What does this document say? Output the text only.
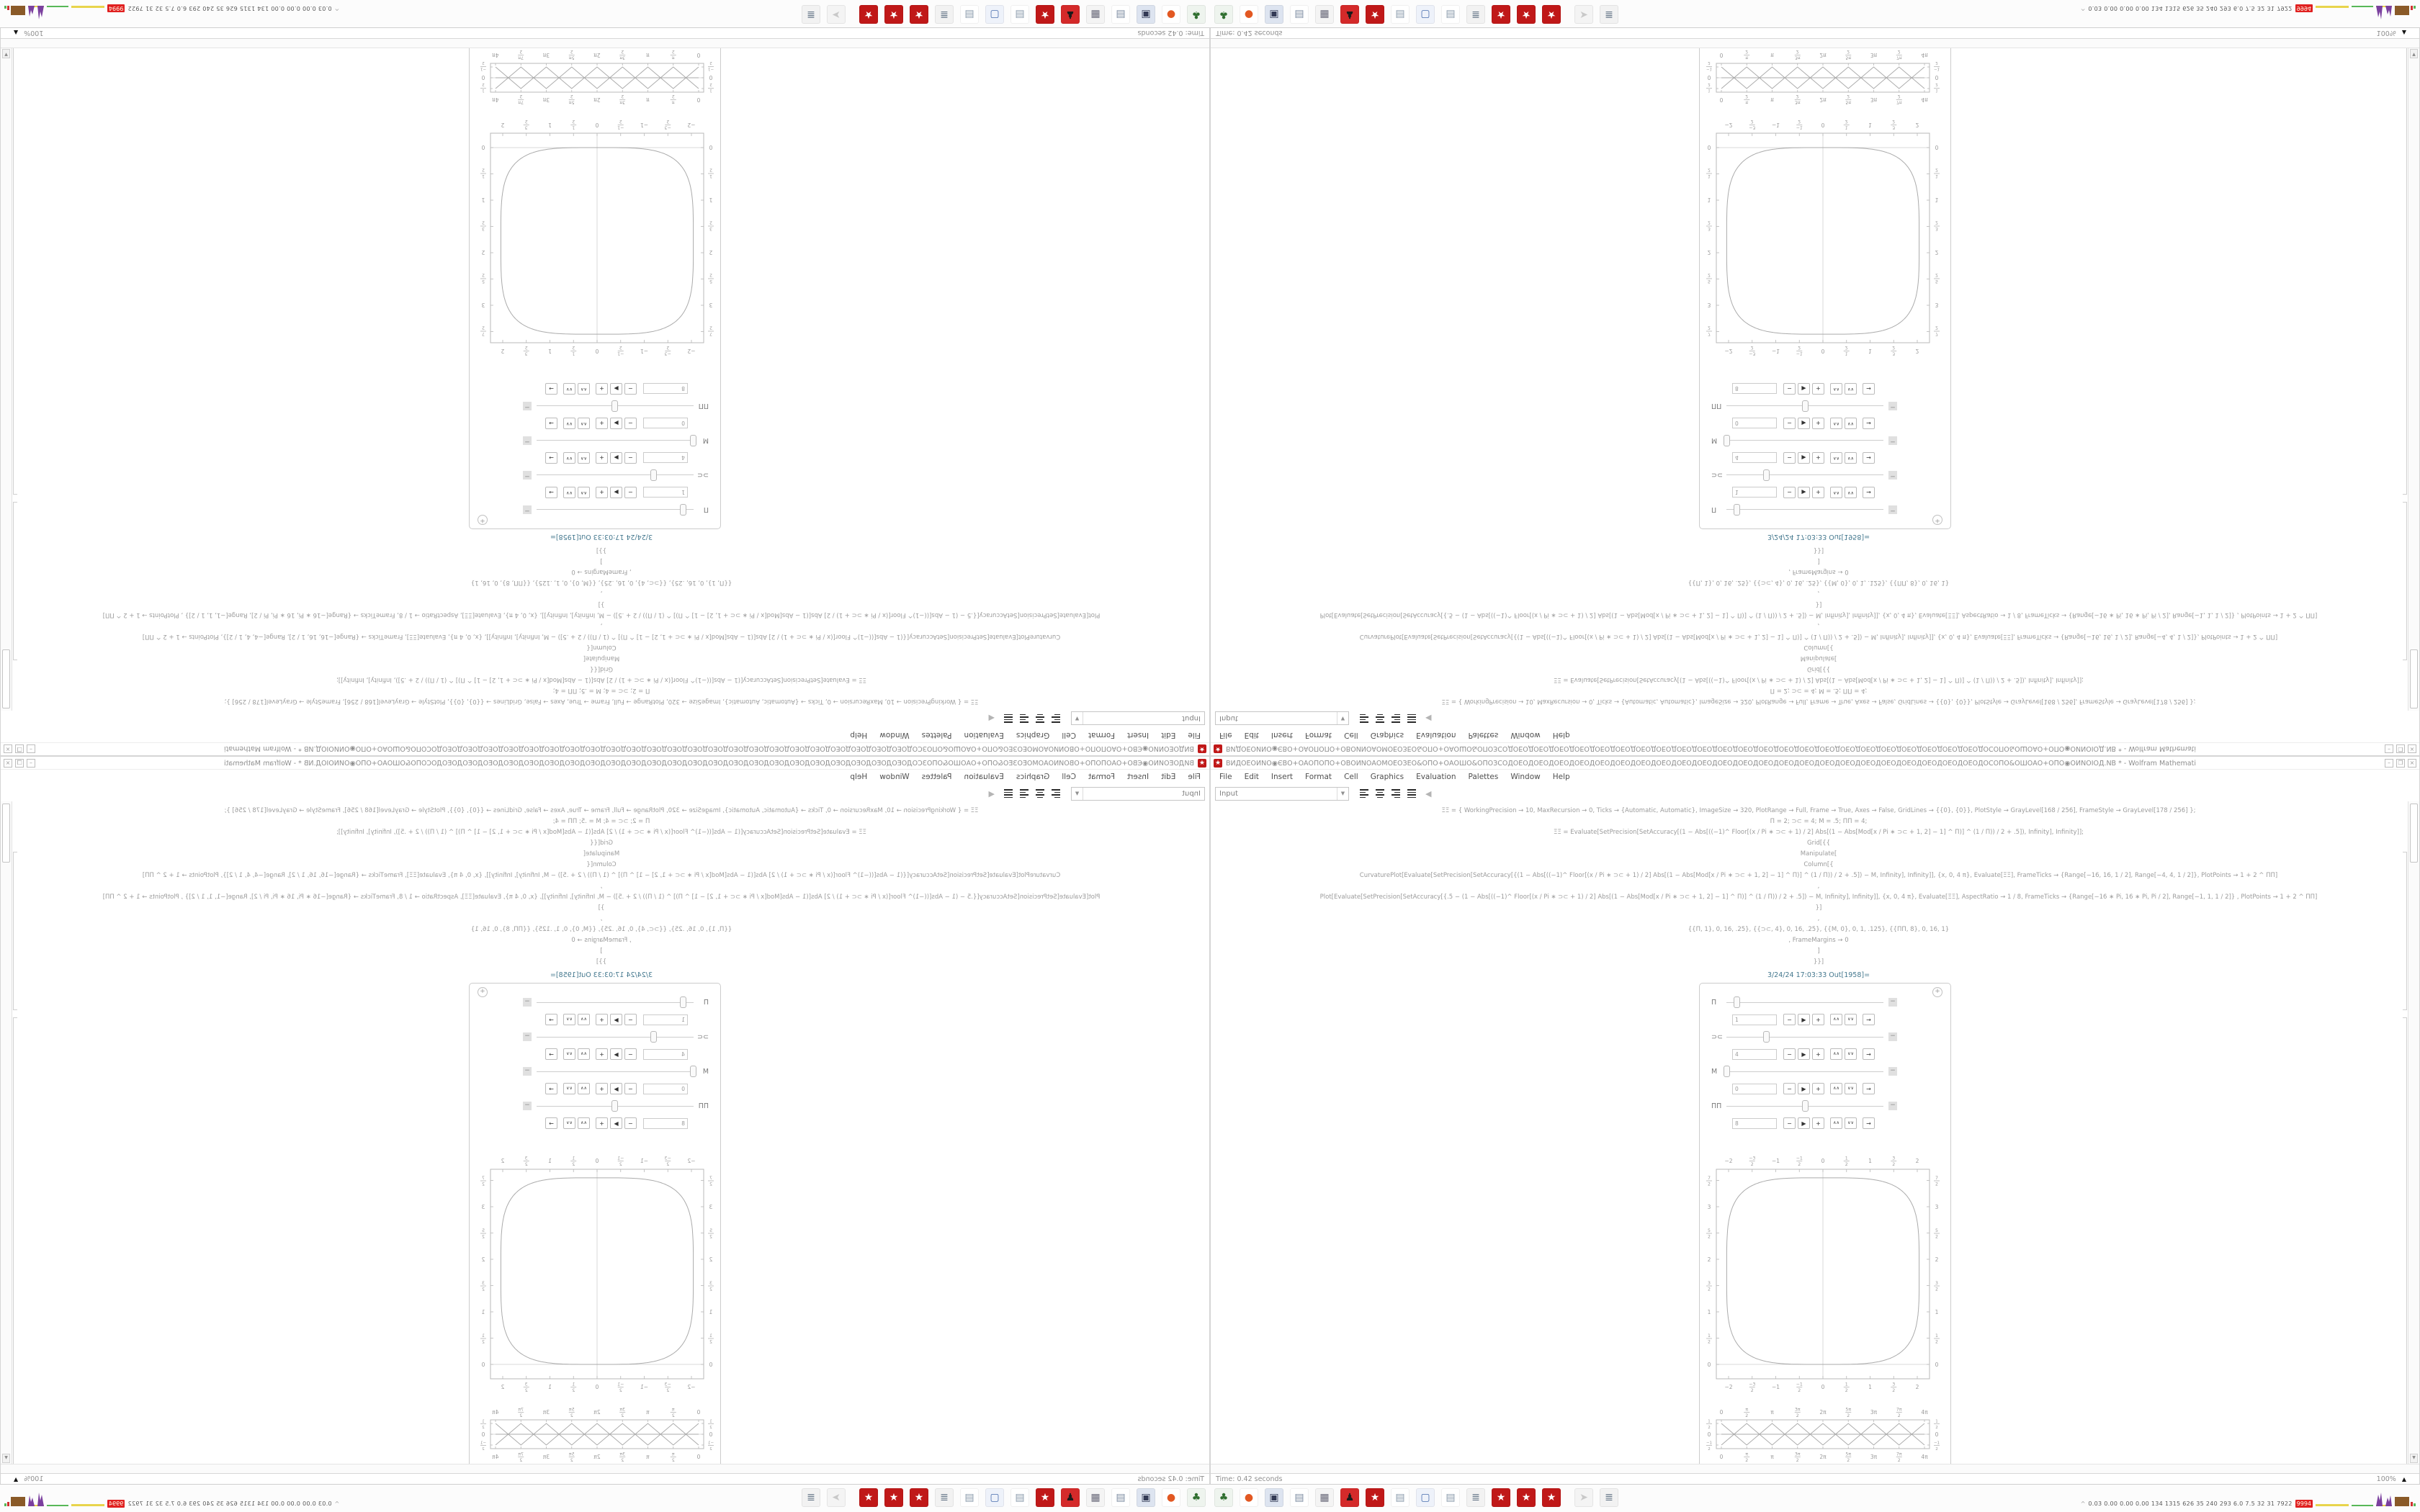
★ ВИДОЕОИNО◉ЄВО+ОАОПОПО+ОВОИNОАОМОЕОЗЕО&ОПО+ОАОШО&ОПОЗСОДОЕОДОЕОДОЕОДОЕОДОЕОДОЕОДОЕОДОЕОДОЕОДОЕОДОЕОДОЕОДОЕОДОЕОДОЕОДОЕОДОЕОДОЕОДОЕОДОЕОДОЕОДОЕОДОЕОДОСОПО&ОШОАО+ОПО◉ОИNОΙОД.NB * - Wolfram Mathemati	–	❐	×
File Edit Insert Format Cell Graphics Evaluation Palettes Window Help
Input	▼	◀
ΞΞ = { WorkingPrecision → 10, MaxRecursion → 0, Ticks → {Automatic, Automatic}, ImageSize → 320, PlotRange → Full, Frame → True, Axes → False, GridLines → {{0}, {0}}, PlotStyle → GrayLevel[168 / 256], FrameStyle → GrayLevel[178 / 256] };
Π = 2; ⊃⊂ = 4; M = .5; ΠΠ = 4;
ΞΞ = Evaluate[SetPrecision[SetAccuracy[(1 − Abs[((−1)^ Floor[(x / Pi ∗ ⊃⊂ + 1) / 2] Abs[(1 − Abs[Mod[x / Pi ∗ ⊃⊂ + 1, 2] − 1] ^ Π)] ^ (1 / Π)) / 2 + .5]), Infinity], Infinity]];
Grid[{{
Manipulate[
Column[{
CurvaturePlot[Evaluate[SetPrecision[SetAccuracy[{(1 − Abs[((−1)^ Floor[(x / Pi ∗ ⊃⊂ + 1) / 2] Abs[(1 − Abs[Mod[x / Pi ∗ ⊃⊂ + 1, 2] − 1] ^ Π)] ^ (1 / Π)) / 2 + .5]) − M, Infinity], Infinity]], {x, 0, 4 π}, Evaluate[ΞΞ], FrameTicks → {Range[−16, 16, 1 / 2], Range[−4, 4, 1 / 2]}, PlotPoints → 1 + 2 ^ ΠΠ]
,
Plot[Evaluate[SetPrecision[SetAccuracy[{.5 − (1 − Abs[((−1)^ Floor[(x / Pi ∗ ⊃⊂ + 1) / 2] Abs[(1 − Abs[Mod[x / Pi ∗ ⊃⊂ + 1, 2] − 1] ^ Π)] ^ (1 / Π)) / 2 + .5]) − M, Infinity], Infinity]], {x, 0, 4 π}, Evaluate[ΞΞ], AspectRatio → 1 / 8, FrameTicks → {Range[−16 ∗ Pi, 16 ∗ Pi, Pi / 2], Range[−1, 1, 1 / 2]} , PlotPoints → 1 + 2 ^ ΠΠ]
}]
,
{{Π, 1}, 0, 16, .25}, {{⊃⊂, 4}, 0, 16, .25}, {{M, 0}, 0, 1, .125}, {{ΠΠ, 8}, 0, 16, 1}
, FrameMargins → 0
]
}}]
3/24/24 17:03:33 Out[1958]=
+
Π	−
1	−	▶	+	∧ ∧ ∨ ∨	→
⊃⊂	−
4	−	▶	+	∧ ∧ ∨ ∨	→
M	−
0	−	▶	+	∧ ∧ ∨ ∨	→
ΠΠ	−
8	−	▶	+	∧ ∧ ∨ ∨	→
−2
−2
−3
2
−3
2
−1
−1
−1
2
−1
2
0
0
1
2
1
2
1
1
3
2
3
2
2
2
0	0
1
2
1
2
1	1
3
2
3
2
2	2
5
2
5
2
3	3
7
2
7
2
0
0
π
2
π
2
π
π
3π
2
3π
2
2π
2π
5π
2
5π
2
3π
3π
7π
2
7π
2
4π
4π
−1
2
−1
2
0	0
1
2
1
2
▼
Time: 0.42 seconds	100% ▲
♣	●	▣	▤	▦	♟	★	▤	▢	▤	≣	★	★	★	➤	≣
^ 0.03 0.00 0.00 0.00 134 1315 626 35 240 293 6.0 7.5 32 31 7922 9994
★
ВИДОЕОИNО◉ЄВО+ОАОПОПО+ОВОИNОАОМОЕОЗЕО&ОПО+ОАОШО&ОПОЗСОДОЕОДОЕОДОЕОДОЕОДОЕОДОЕОДОЕОДОЕОДОЕОДОЕОДОЕОДОЕОДОЕОДОЕОДОЕОДОЕОДОЕОДОЕОДОЕОДОЕОДОЕОДОЕОДОЕОДОСОПО&ОШОАО+ОПО◉ОИNОΙОД.NB * - Wolfram Mathemati
–
❐
×
File
Edit
Insert
Format
Cell
Graphics
Evaluation
Palettes
Window
Help
Input
▼
◀
ΞΞ = { WorkingPrecision → 10, MaxRecursion → 0, Ticks → {Automatic, Automatic}, ImageSize → 320, PlotRange → Full, Frame → True, Axes → False, GridLines → {{0}, {0}}, PlotStyle → GrayLevel[168 / 256], FrameStyle → GrayLevel[178 / 256] };
Π = 2; ⊃⊂ = 4; M = .5; ΠΠ = 4;
ΞΞ = Evaluate[SetPrecision[SetAccuracy[(1 − Abs[((−1)^ Floor[(x / Pi ∗ ⊃⊂ + 1) / 2] Abs[(1 − Abs[Mod[x / Pi ∗ ⊃⊂ + 1, 2] − 1] ^ Π)] ^ (1 / Π)) / 2 + .5]), Infinity], Infinity]];
Grid[{{
Manipulate[
Column[{
CurvaturePlot[Evaluate[SetPrecision[SetAccuracy[{(1 − Abs[((−1)^ Floor[(x / Pi ∗ ⊃⊂ + 1) / 2] Abs[(1 − Abs[Mod[x / Pi ∗ ⊃⊂ + 1, 2] − 1] ^ Π)] ^ (1 / Π)) / 2 + .5]) − M, Infinity], Infinity]], {x, 0, 4 π}, Evaluate[ΞΞ], FrameTicks → {Range[−16, 16, 1 / 2], Range[−4, 4, 1 / 2]}, PlotPoints → 1 + 2 ^ ΠΠ]
,
Plot[Evaluate[SetPrecision[SetAccuracy[{.5 − (1 − Abs[((−1)^ Floor[(x / Pi ∗ ⊃⊂ + 1) / 2] Abs[(1 − Abs[Mod[x / Pi ∗ ⊃⊂ + 1, 2] − 1] ^ Π)] ^ (1 / Π)) / 2 + .5]) − M, Infinity], Infinity]], {x, 0, 4 π}, Evaluate[ΞΞ], AspectRatio → 1 / 8, FrameTicks → {Range[−16 ∗ Pi, 16 ∗ Pi, Pi / 2], Range[−1, 1, 1 / 2]} , PlotPoints → 1 + 2 ^ ΠΠ]
}]
,
{{Π, 1}, 0, 16, .25}, {{⊃⊂, 4}, 0, 16, .25}, {{M, 0}, 0, 1, .125}, {{ΠΠ, 8}, 0, 16, 1}
, FrameMargins → 0
]
}}]
3/24/24 17:03:33 Out[1958]=
+
Π
−
1
−
▶
+
∧
∧
∨
∨
→
⊃⊂
−
4
−
▶
+
∧
∧
∨
∨
→
M
−
0
−
▶
+
∧
∧
∨
∨
→
ΠΠ
−
8
−
▶
+
∧
∧
∨
∨
→
−2
−2
−3
2
−3
2
−1
−1
−1
2
−1
2
0
0
1
2
1
2
1
1
3
2
3
2
2
2
0
0
1
2
1
2
1
1
3
2
3
2
2
2
5
2
5
2
3
3
7
2
7
2
0
0
π
2
π
2
π
π
3π
2
3π
2
2π
2π
5π
2
5π
2
3π
3π
7π
2
7π
2
4π
4π
−1
2
−1
2
0
0
1
2
1
2
▼
Time: 0.42 seconds
100%
▲
♣
●
▣
▤
▦
♟
★
▤
▢
▤
≣
★
★
★
➤
≣
^
0.03 0.00 0.00 0.00 134 1315 626 35 240 293 6.0 7.5 32 31 7922
9994
★ ВИДОЕОИNО◉ЄВО+ОАОПОПО+ОВОИNОАОМОЕОЗЕО&ОПО+ОАОШО&ОПОЗСОДОЕОДОЕОДОЕОДОЕОДОЕОДОЕОДОЕОДОЕОДОЕОДОЕОДОЕОДОЕОДОЕОДОЕОДОЕОДОЕОДОЕОДОЕОДОЕОДОЕОДОЕОДОЕОДОЕОДОСОПО&ОШОАО+ОПО◉ОИNОΙОД.NB * - Wolfram Mathemati	–	❐	×
File Edit Insert Format Cell Graphics Evaluation Palettes Window Help
Input	▼	◀
ΞΞ = { WorkingPrecision → 10, MaxRecursion → 0, Ticks → {Automatic, Automatic}, ImageSize → 320, PlotRange → Full, Frame → True, Axes → False, GridLines → {{0}, {0}}, PlotStyle → GrayLevel[168 / 256], FrameStyle → GrayLevel[178 / 256] };
Π = 2; ⊃⊂ = 4; M = .5; ΠΠ = 4;
ΞΞ = Evaluate[SetPrecision[SetAccuracy[(1 − Abs[((−1)^ Floor[(x / Pi ∗ ⊃⊂ + 1) / 2] Abs[(1 − Abs[Mod[x / Pi ∗ ⊃⊂ + 1, 2] − 1] ^ Π)] ^ (1 / Π)) / 2 + .5]), Infinity], Infinity]];
Grid[{{
Manipulate[
Column[{
CurvaturePlot[Evaluate[SetPrecision[SetAccuracy[{(1 − Abs[((−1)^ Floor[(x / Pi ∗ ⊃⊂ + 1) / 2] Abs[(1 − Abs[Mod[x / Pi ∗ ⊃⊂ + 1, 2] − 1] ^ Π)] ^ (1 / Π)) / 2 + .5]) − M, Infinity], Infinity]], {x, 0, 4 π}, Evaluate[ΞΞ], FrameTicks → {Range[−16, 16, 1 / 2], Range[−4, 4, 1 / 2]}, PlotPoints → 1 + 2 ^ ΠΠ]
,
Plot[Evaluate[SetPrecision[SetAccuracy[{.5 − (1 − Abs[((−1)^ Floor[(x / Pi ∗ ⊃⊂ + 1) / 2] Abs[(1 − Abs[Mod[x / Pi ∗ ⊃⊂ + 1, 2] − 1] ^ Π)] ^ (1 / Π)) / 2 + .5]) − M, Infinity], Infinity]], {x, 0, 4 π}, Evaluate[ΞΞ], AspectRatio → 1 / 8, FrameTicks → {Range[−16 ∗ Pi, 16 ∗ Pi, Pi / 2], Range[−1, 1, 1 / 2]} , PlotPoints → 1 + 2 ^ ΠΠ]
}]
,
{{Π, 1}, 0, 16, .25}, {{⊃⊂, 4}, 0, 16, .25}, {{M, 0}, 0, 1, .125}, {{ΠΠ, 8}, 0, 16, 1}
, FrameMargins → 0
]
}}]
3/24/24 17:03:33 Out[1958]=
+
Π	−
1	−	▶	+	∧ ∧ ∨ ∨	→
⊃⊂	−
4	−	▶	+	∧ ∧ ∨ ∨	→
M	−
0	−	▶	+	∧ ∧ ∨ ∨	→
ΠΠ	−
8	−	▶	+	∧ ∧ ∨ ∨	→
−2
−2
−3
2
−3
2
−1
−1
−1
2
−1
2
0
0
1
2
1
2
1
1
3
2
3
2
2
2
0	0
1
2
1
2
1	1
3
2
3
2
2	2
5
2
5
2
3	3
7
2
7
2
0
0
π
2
π
2
π
π
3π
2
3π
2
2π
2π
5π
2
5π
2
3π
3π
7π
2
7π
2
4π
4π
−1
2
−1
2
0	0
1
2
1
2
▼
Time: 0.42 seconds	100% ▲
♣	●	▣	▤	▦	♟	★	▤	▢	▤	≣	★	★	★	➤	≣
^ 0.03 0.00 0.00 0.00 134 1315 626 35 240 293 6.0 7.5 32 31 7922 9994
★
ВИДОЕОИNО◉ЄВО+ОАОПОПО+ОВОИNОАОМОЕОЗЕО&ОПО+ОАОШО&ОПОЗСОДОЕОДОЕОДОЕОДОЕОДОЕОДОЕОДОЕОДОЕОДОЕОДОЕОДОЕОДОЕОДОЕОДОЕОДОЕОДОЕОДОЕОДОЕОДОЕОДОЕОДОЕОДОЕОДОЕОДОСОПО&ОШОАО+ОПО◉ОИNОΙОД.NB * - Wolfram Mathemati
–
❐
×
File
Edit
Insert
Format
Cell
Graphics
Evaluation
Palettes
Window
Help
Input
▼
◀
ΞΞ = { WorkingPrecision → 10, MaxRecursion → 0, Ticks → {Automatic, Automatic}, ImageSize → 320, PlotRange → Full, Frame → True, Axes → False, GridLines → {{0}, {0}}, PlotStyle → GrayLevel[168 / 256], FrameStyle → GrayLevel[178 / 256] };
Π = 2; ⊃⊂ = 4; M = .5; ΠΠ = 4;
ΞΞ = Evaluate[SetPrecision[SetAccuracy[(1 − Abs[((−1)^ Floor[(x / Pi ∗ ⊃⊂ + 1) / 2] Abs[(1 − Abs[Mod[x / Pi ∗ ⊃⊂ + 1, 2] − 1] ^ Π)] ^ (1 / Π)) / 2 + .5]), Infinity], Infinity]];
Grid[{{
Manipulate[
Column[{
CurvaturePlot[Evaluate[SetPrecision[SetAccuracy[{(1 − Abs[((−1)^ Floor[(x / Pi ∗ ⊃⊂ + 1) / 2] Abs[(1 − Abs[Mod[x / Pi ∗ ⊃⊂ + 1, 2] − 1] ^ Π)] ^ (1 / Π)) / 2 + .5]) − M, Infinity], Infinity]], {x, 0, 4 π}, Evaluate[ΞΞ], FrameTicks → {Range[−16, 16, 1 / 2], Range[−4, 4, 1 / 2]}, PlotPoints → 1 + 2 ^ ΠΠ]
,
Plot[Evaluate[SetPrecision[SetAccuracy[{.5 − (1 − Abs[((−1)^ Floor[(x / Pi ∗ ⊃⊂ + 1) / 2] Abs[(1 − Abs[Mod[x / Pi ∗ ⊃⊂ + 1, 2] − 1] ^ Π)] ^ (1 / Π)) / 2 + .5]) − M, Infinity], Infinity]], {x, 0, 4 π}, Evaluate[ΞΞ], AspectRatio → 1 / 8, FrameTicks → {Range[−16 ∗ Pi, 16 ∗ Pi, Pi / 2], Range[−1, 1, 1 / 2]} , PlotPoints → 1 + 2 ^ ΠΠ]
}]
,
{{Π, 1}, 0, 16, .25}, {{⊃⊂, 4}, 0, 16, .25}, {{M, 0}, 0, 1, .125}, {{ΠΠ, 8}, 0, 16, 1}
, FrameMargins → 0
]
}}]
3/24/24 17:03:33 Out[1958]=
+
Π
−
1
−
▶
+
∧
∧
∨
∨
→
⊃⊂
−
4
−
▶
+
∧
∧
∨
∨
→
M
−
0
−
▶
+
∧
∧
∨
∨
→
ΠΠ
−
8
−
▶
+
∧
∧
∨
∨
→
−2
−2
−3
2
−3
2
−1
−1
−1
2
−1
2
0
0
1
2
1
2
1
1
3
2
3
2
2
2
0
0
1
2
1
2
1
1
3
2
3
2
2
2
5
2
5
2
3
3
7
2
7
2
0
0
π
2
π
2
π
π
3π
2
3π
2
2π
2π
5π
2
5π
2
3π
3π
7π
2
7π
2
4π
4π
−1
2
−1
2
0
0
1
2
1
2
▼
Time: 0.42 seconds
100%
▲
♣
●
▣
▤
▦
♟
★
▤
▢
▤
≣
★
★
★
➤
≣
^
0.03 0.00 0.00 0.00 134 1315 626 35 240 293 6.0 7.5 32 31 7922
9994
